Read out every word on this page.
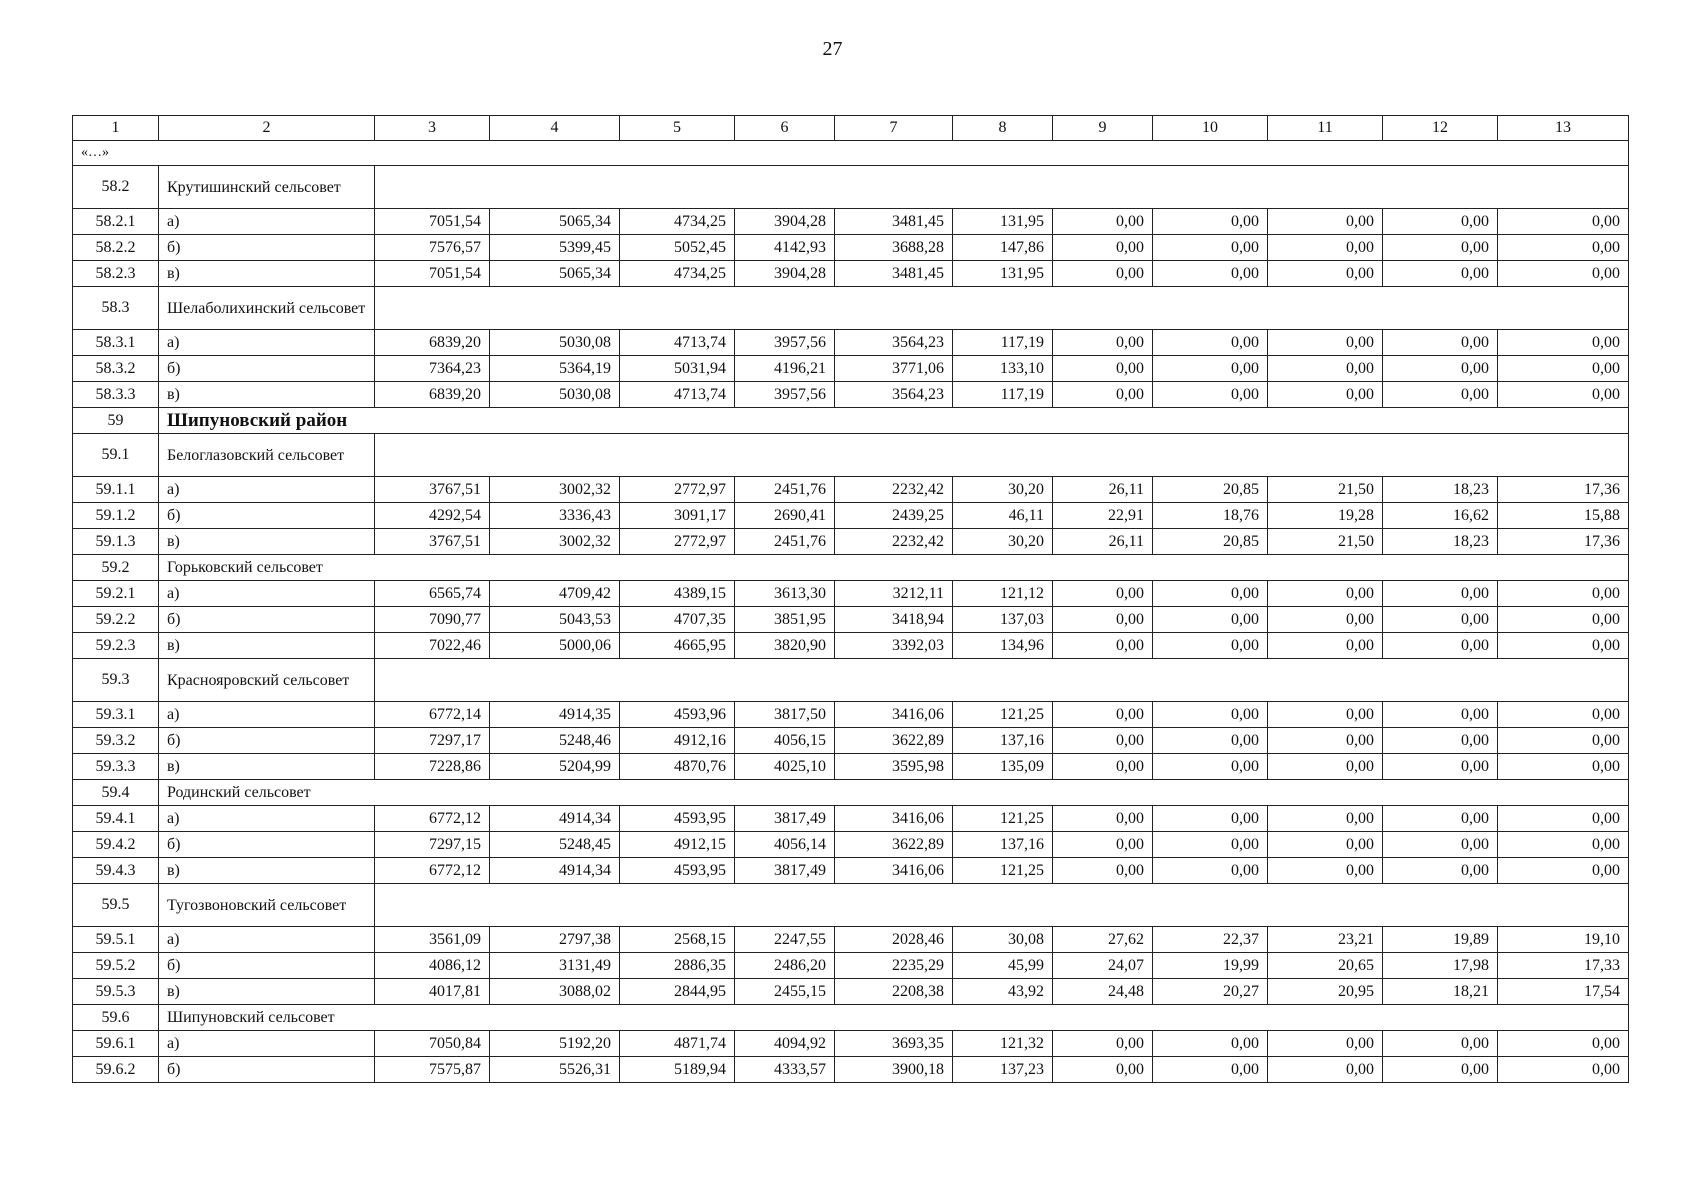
27
1	2	3	4	5	6	7	8	9	10	11	12	13
«…»												
58.2	Крутишинский сельсовет											
58.2.1	а)	7051,54	5065,34	4734,25	3904,28	3481,45	131,95	0,00	0,00	0,00	0,00	0,00
58.2.2	б)	7576,57	5399,45	5052,45	4142,93	3688,28	147,86	0,00	0,00	0,00	0,00	0,00
58.2.3	в)	7051,54	5065,34	4734,25	3904,28	3481,45	131,95	0,00	0,00	0,00	0,00	0,00
58.3	Шелаболихинский сельсовет											
58.3.1	а)	6839,20	5030,08	4713,74	3957,56	3564,23	117,19	0,00	0,00	0,00	0,00	0,00
58.3.2	б)	7364,23	5364,19	5031,94	4196,21	3771,06	133,10	0,00	0,00	0,00	0,00	0,00
58.3.3	в)	6839,20	5030,08	4713,74	3957,56	3564,23	117,19	0,00	0,00	0,00	0,00	0,00
59	Шипуновский район											
59.1	Белоглазовский сельсовет											
59.1.1	а)	3767,51	3002,32	2772,97	2451,76	2232,42	30,20	26,11	20,85	21,50	18,23	17,36
59.1.2	б)	4292,54	3336,43	3091,17	2690,41	2439,25	46,11	22,91	18,76	19,28	16,62	15,88
59.1.3	в)	3767,51	3002,32	2772,97	2451,76	2232,42	30,20	26,11	20,85	21,50	18,23	17,36
59.2	Горьковский сельсовет											
59.2.1	а)	6565,74	4709,42	4389,15	3613,30	3212,11	121,12	0,00	0,00	0,00	0,00	0,00
59.2.2	б)	7090,77	5043,53	4707,35	3851,95	3418,94	137,03	0,00	0,00	0,00	0,00	0,00
59.2.3	в)	7022,46	5000,06	4665,95	3820,90	3392,03	134,96	0,00	0,00	0,00	0,00	0,00
59.3	Краснояровский сельсовет											
59.3.1	а)	6772,14	4914,35	4593,96	3817,50	3416,06	121,25	0,00	0,00	0,00	0,00	0,00
59.3.2	б)	7297,17	5248,46	4912,16	4056,15	3622,89	137,16	0,00	0,00	0,00	0,00	0,00
59.3.3	в)	7228,86	5204,99	4870,76	4025,10	3595,98	135,09	0,00	0,00	0,00	0,00	0,00
59.4	Родинский сельсовет											
59.4.1	а)	6772,12	4914,34	4593,95	3817,49	3416,06	121,25	0,00	0,00	0,00	0,00	0,00
59.4.2	б)	7297,15	5248,45	4912,15	4056,14	3622,89	137,16	0,00	0,00	0,00	0,00	0,00
59.4.3	в)	6772,12	4914,34	4593,95	3817,49	3416,06	121,25	0,00	0,00	0,00	0,00	0,00
59.5	Тугозвоновский сельсовет											
59.5.1	а)	3561,09	2797,38	2568,15	2247,55	2028,46	30,08	27,62	22,37	23,21	19,89	19,10
59.5.2	б)	4086,12	3131,49	2886,35	2486,20	2235,29	45,99	24,07	19,99	20,65	17,98	17,33
59.5.3	в)	4017,81	3088,02	2844,95	2455,15	2208,38	43,92	24,48	20,27	20,95	18,21	17,54
59.6	Шипуновский сельсовет											
59.6.1	а)	7050,84	5192,20	4871,74	4094,92	3693,35	121,32	0,00	0,00	0,00	0,00	0,00
59.6.2	б)	7575,87	5526,31	5189,94	4333,57	3900,18	137,23	0,00	0,00	0,00	0,00	0,00
